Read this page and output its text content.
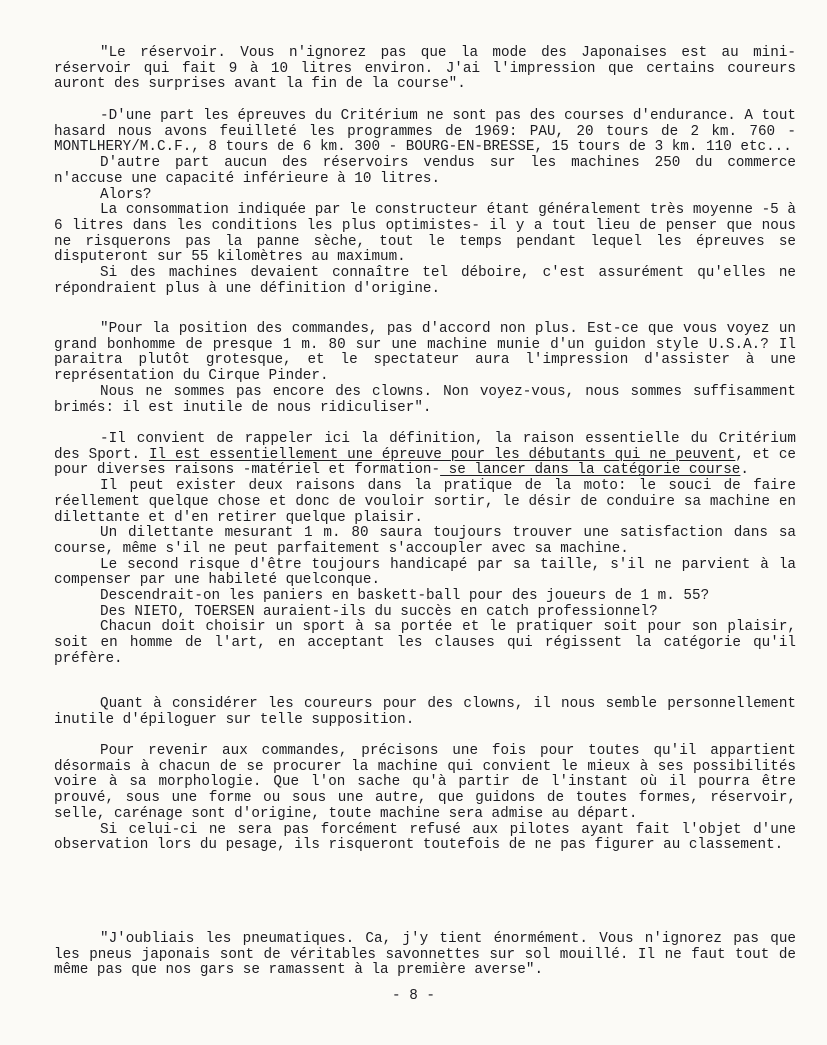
"Le réservoir. Vous n'ignorez pas que la mode des Japonaises est au mini-réservoir qui fait 9 à 10 litres environ. J'ai l'impression que certains coureurs auront des surprises avant la fin de la course".

-D'une part les épreuves du Critérium ne sont pas des courses d'endurance. A tout hasard nous avons feuilleté les programmes de 1969: PAU, 20 tours de 2 km. 760 - MONTLHERY/M.C.F., 8 tours de 6 km. 300 - BOURG-EN-BRESSE, 15 tours de 3 km. 110 etc...

D'autre part aucun des réservoirs vendus sur les machines 250 du commerce n'accuse une capacité inférieure à 10 litres.

Alors?

La consommation indiquée par le constructeur étant généralement très moyenne -5 à 6 litres dans les conditions les plus optimistes- il y a tout lieu de penser que nous ne risquerons pas la panne sèche, tout le temps pendant lequel les épreuves se disputeront sur 55 kilomètres au maximum.

Si des machines devaient connaître tel déboire, c'est assurément qu'elles ne répondraient plus à une définition d'origine.

"Pour la position des commandes, pas d'accord non plus. Est-ce que vous voyez un grand bonhomme de presque 1 m. 80 sur une machine munie d'un guidon style U.S.A.? Il paraitra plutôt grotesque, et le spectateur aura l'impression d'assister à une représentation du Cirque Pinder.

Nous ne sommes pas encore des clowns. Non voyez-vous, nous sommes suffisamment brimés: il est inutile de nous ridiculiser".

-Il convient de rappeler ici la définition, la raison essentielle du Critérium des Sport. Il est essentiellement une épreuve pour les débutants qui ne peuvent, et ce pour diverses raisons -matériel et formation- se lancer dans la catégorie course.

Il peut exister deux raisons dans la pratique de la moto: le souci de faire réellement quelque chose et donc de vouloir sortir, le désir de conduire sa machine en dilettante et d'en retirer quelque plaisir.

Un dilettante mesurant 1 m. 80 saura toujours trouver une satisfaction dans sa course, même s'il ne peut parfaitement s'accoupler avec sa machine.

Le second risque d'être toujours handicapé par sa taille, s'il ne parvient à la compenser par une habileté quelconque.

Descendrait-on les paniers en baskett-ball pour des joueurs de 1 m. 55?

Des NIETO, TOERSEN auraient-ils du succès en catch professionnel?

Chacun doit choisir un sport à sa portée et le pratiquer soit pour son plaisir, soit en homme de l'art, en acceptant les clauses qui régissent la catégorie qu'il préfère.

Quant à considérer les coureurs pour des clowns, il nous semble personnellement inutile d'épiloguer sur telle supposition.

Pour revenir aux commandes, précisons une fois pour toutes qu'il appartient désormais à chacun de se procurer la machine qui convient le mieux à ses possibilités voire à sa morphologie. Que l'on sache qu'à partir de l'instant où il pourra être prouvé, sous une forme ou sous une autre, que guidons de toutes formes, réservoir, selle, carénage sont d'origine, toute machine sera admise au départ.

Si celui-ci ne sera pas forcément refusé aux pilotes ayant fait l'objet d'une observation lors du pesage, ils risqueront toutefois de ne pas figurer au classement.

"J'oubliais les pneumatiques. Ca, j'y tient énormément. Vous n'ignorez pas que les pneus japonais sont de véritables savonnettes sur sol mouillé. Il ne faut tout de même pas que nos gars se ramassent à la première averse".

- 8 -
